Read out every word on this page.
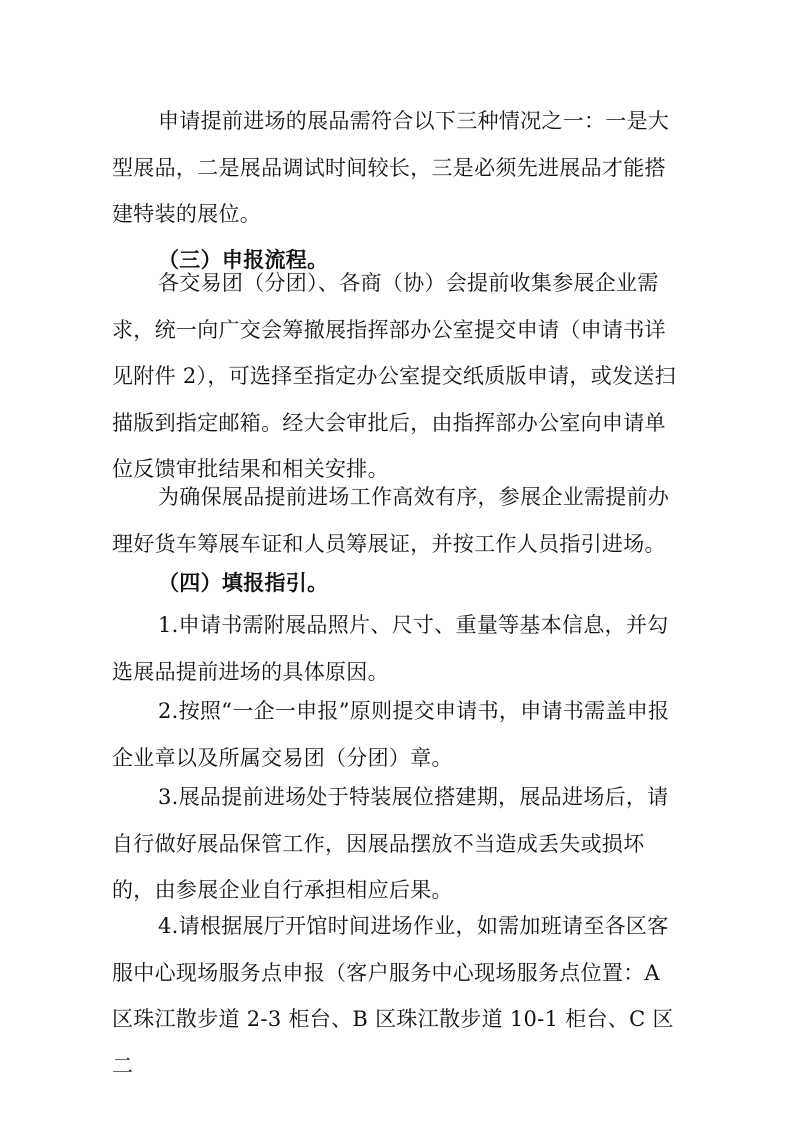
申请提前进场的展品需符合以下三种情况之一：一是大型展品，二是展品调试时间较长，三是必须先进展品才能搭建特装的展位。

（三）申报流程。

各交易团（分团）、各商（协）会提前收集参展企业需求，统一向广交会筹撤展指挥部办公室提交申请（申请书详见附件 2），可选择至指定办公室提交纸质版申请，或发送扫描版到指定邮箱。经大会审批后，由指挥部办公室向申请单位反馈审批结果和相关安排。

为确保展品提前进场工作高效有序，参展企业需提前办理好货车筹展车证和人员筹展证，并按工作人员指引进场。

（四）填报指引。

1.申请书需附展品照片、尺寸、重量等基本信息，并勾选展品提前进场的具体原因。

2.按照“一企一申报”原则提交申请书，申请书需盖申报企业章以及所属交易团（分团）章。

3.展品提前进场处于特装展位搭建期，展品进场后，请自行做好展品保管工作，因展品摆放不当造成丢失或损坏的，由参展企业自行承担相应后果。

4.请根据展厅开馆时间进场作业，如需加班请至各区客服中心现场服务点申报（客户服务中心现场服务点位置：A区珠江散步道 2-3 柜台、B 区珠江散步道 10-1 柜台、C 区二
